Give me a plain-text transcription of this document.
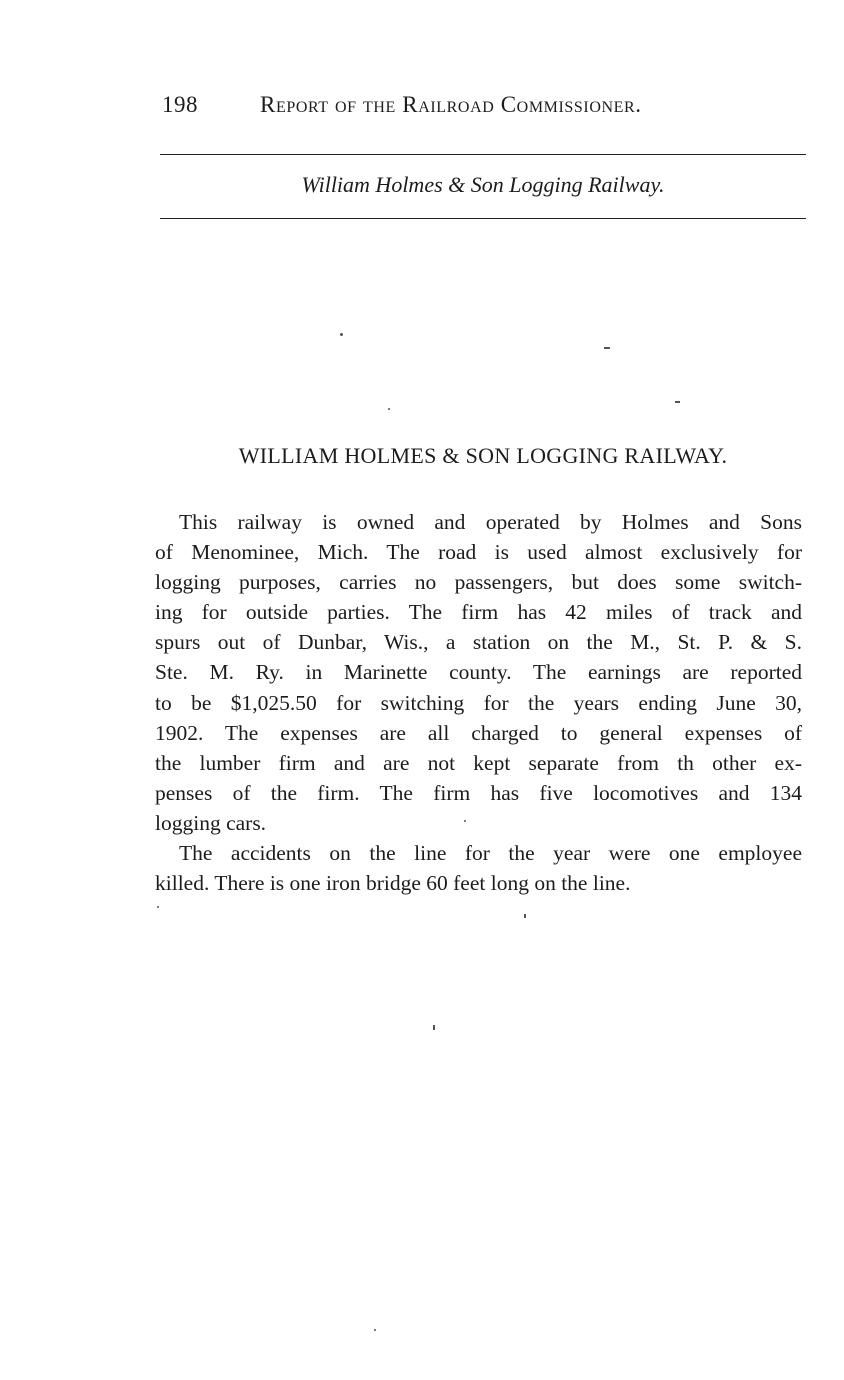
198	Report of the Railroad Commissioner.
William Holmes & Son Logging Railway.
WILLIAM HOLMES & SON LOGGING RAILWAY.
This railway is owned and operated by Holmes and Sons
of Menominee, Mich. The road is used almost exclusively for
logging purposes, carries no passengers, but does some switch-
ing for outside parties. The firm has 42 miles of track and
spurs out of Dunbar, Wis., a station on the M., St. P. & S.
Ste. M. Ry. in Marinette county. The earnings are reported
to be $1,025.50 for switching for the years ending June 30,
1902. The expenses are all charged to general expenses of
the lumber firm and are not kept separate from th other ex-
penses of the firm. The firm has five locomotives and 134
logging cars.
The accidents on the line for the year were one employee
killed. There is one iron bridge 60 feet long on the line.
